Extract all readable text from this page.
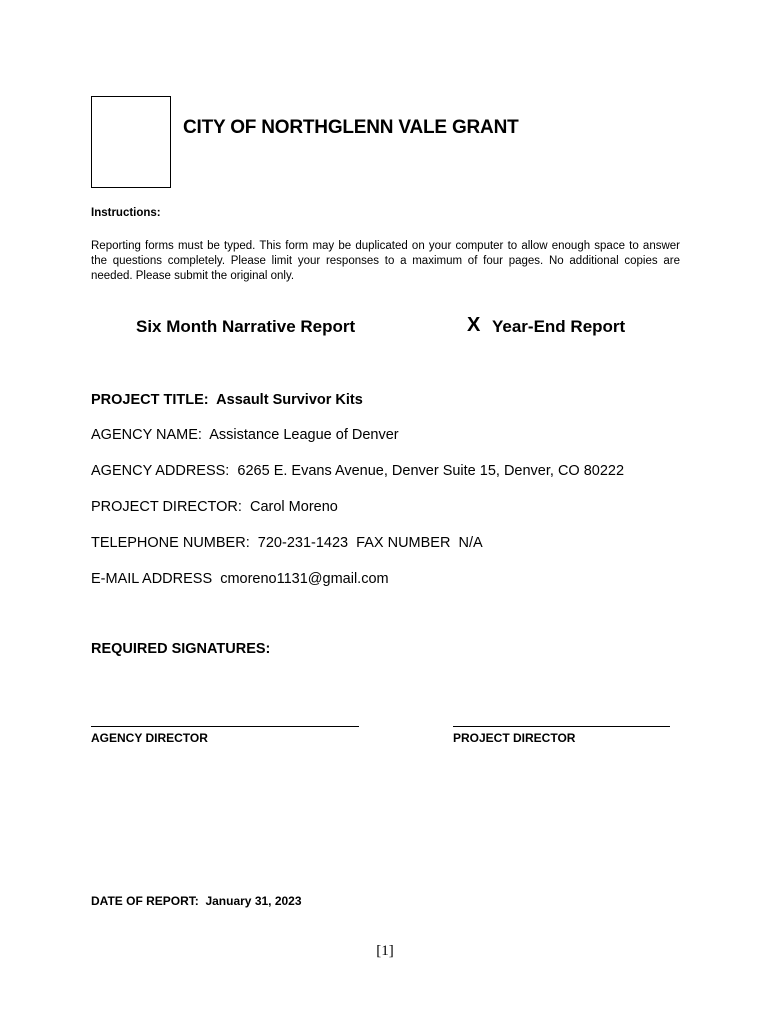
CITY OF NORTHGLENN VALE GRANT
Instructions:
Reporting forms must be typed. This form may be duplicated on your computer to allow enough space to answer the questions completely. Please limit your responses to a maximum of four pages. No additional copies are needed. Please submit the original only.
Six Month Narrative Report	X Year-End Report
PROJECT TITLE: Assault Survivor Kits
AGENCY NAME: Assistance League of Denver
AGENCY ADDRESS: 6265 E. Evans Avenue, Denver Suite 15, Denver, CO 80222
PROJECT DIRECTOR: Carol Moreno
TELEPHONE NUMBER: 720-231-1423 FAX NUMBER N/A
E-MAIL ADDRESS cmoreno1131@gmail.com
REQUIRED SIGNATURES:
AGENCY DIRECTOR	PROJECT DIRECTOR
DATE OF REPORT: January 31, 2023
[1]
